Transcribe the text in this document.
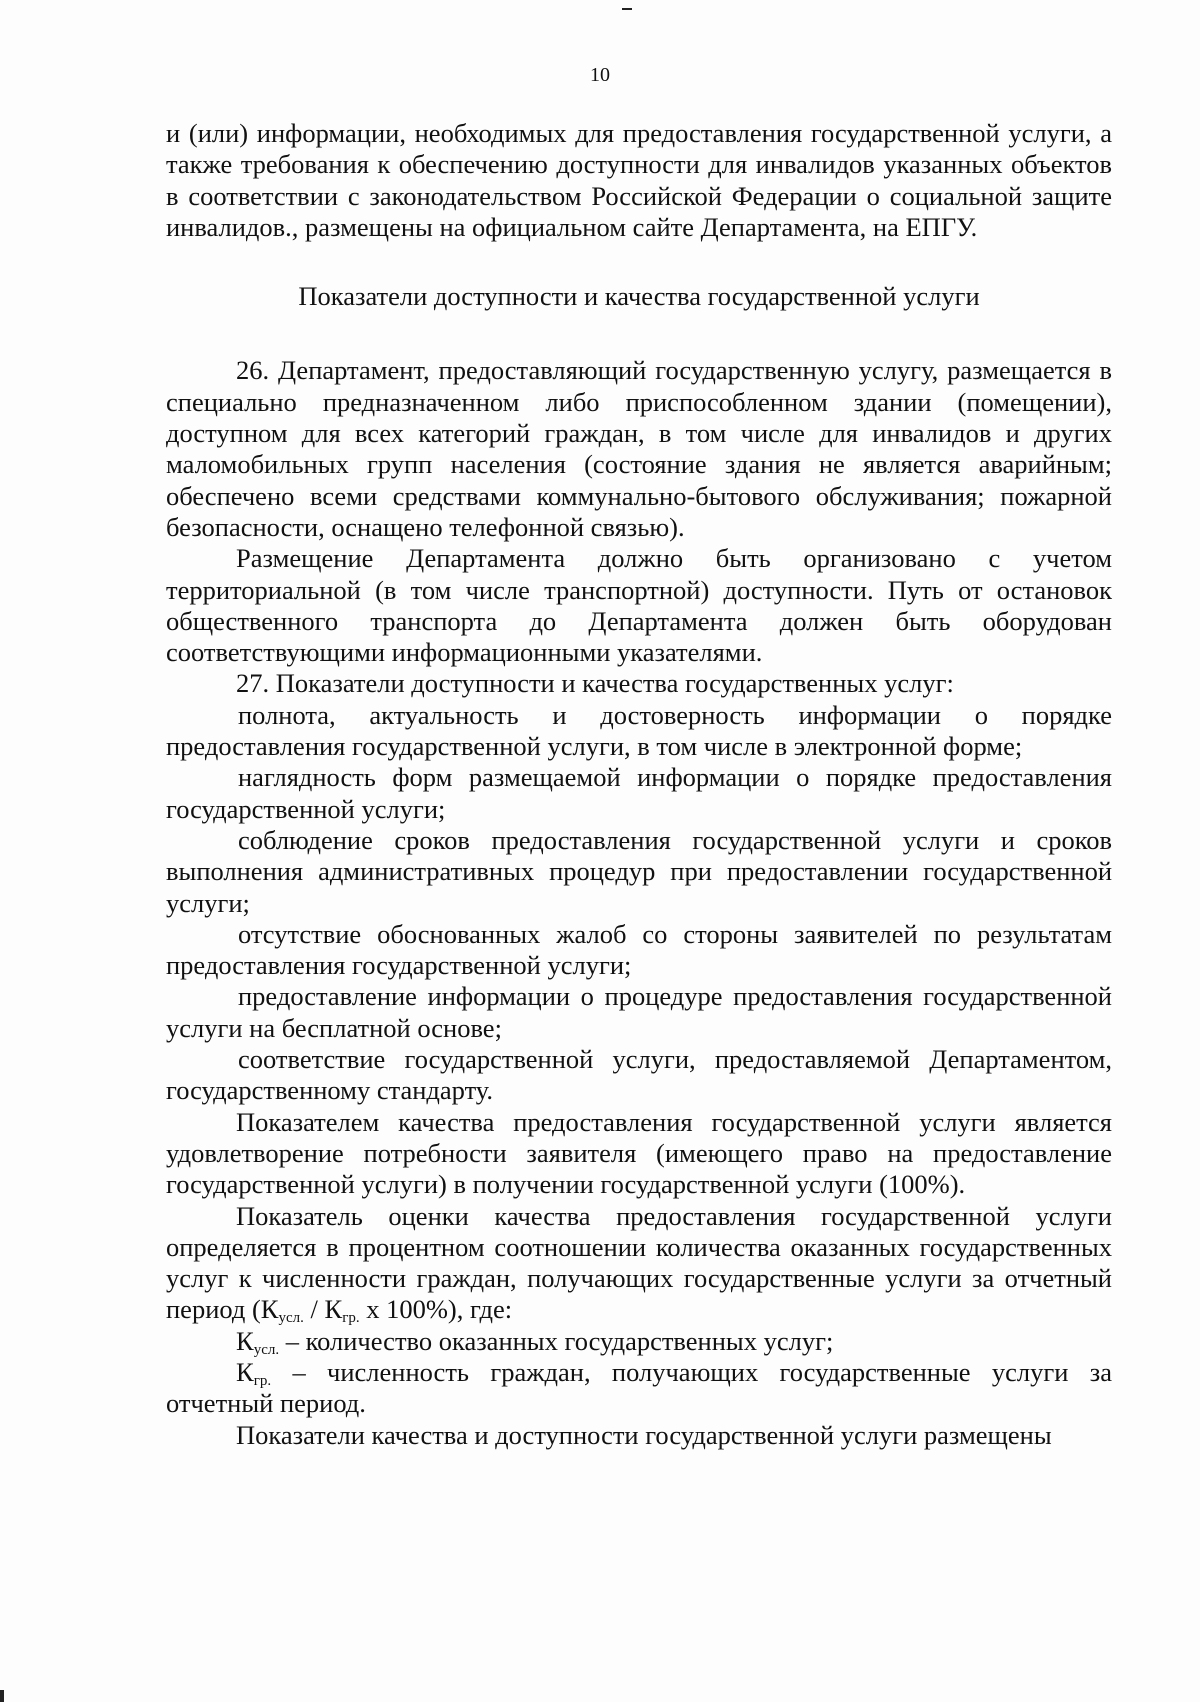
10

и (или) информации, необходимых для предоставления государственной услуги, а также требования к обеспечению доступности для инвалидов указанных объектов в соответствии с законодательством Российской Федерации о социальной защите инвалидов., размещены на официальном сайте Департамента, на ЕПГУ.

Показатели доступности и качества государственной услуги

26. Департамент, предоставляющий государственную услугу, размещается в специально предназначенном либо приспособленном здании (помещении), доступном для всех категорий граждан, в том числе для инвалидов и других маломобильных групп населения (состояние здания не является аварийным; обеспечено всеми средствами коммунально-бытового обслуживания; пожарной безопасности, оснащено телефонной связью).

Размещение Департамента должно быть организовано с учетом территориальной (в том числе транспортной) доступности. Путь от остановок общественного транспорта до Департамента должен быть оборудован соответствующими информационными указателями.

27. Показатели доступности и качества государственных услуг:

полнота, актуальность и достоверность информации о порядке предоставления государственной услуги, в том числе в электронной форме;

наглядность форм размещаемой информации о порядке предоставления государственной услуги;

соблюдение сроков предоставления государственной услуги и сроков выполнения административных процедур при предоставлении государственной услуги;

отсутствие обоснованных жалоб со стороны заявителей по результатам предоставления государственной услуги;

предоставление информации о процедуре предоставления государственной услуги на бесплатной основе;

соответствие государственной услуги, предоставляемой Департаментом, государственному стандарту.

Показателем качества предоставления государственной услуги является удовлетворение потребности заявителя (имеющего право на предоставление государственной услуги) в получении государственной услуги (100%).

Показатель оценки качества предоставления государственной услуги определяется в процентном соотношении количества оказанных государственных услуг к численности граждан, получающих государственные услуги за отчетный период ($К_{усл.} / К_{гр.}$ х 100%), где:

$К_{усл.}$ – количество оказанных государственных услуг;

$К_{гр.}$ – численность граждан, получающих государственные услуги за отчетный период.

Показатели качества и доступности государственной услуги размещены
